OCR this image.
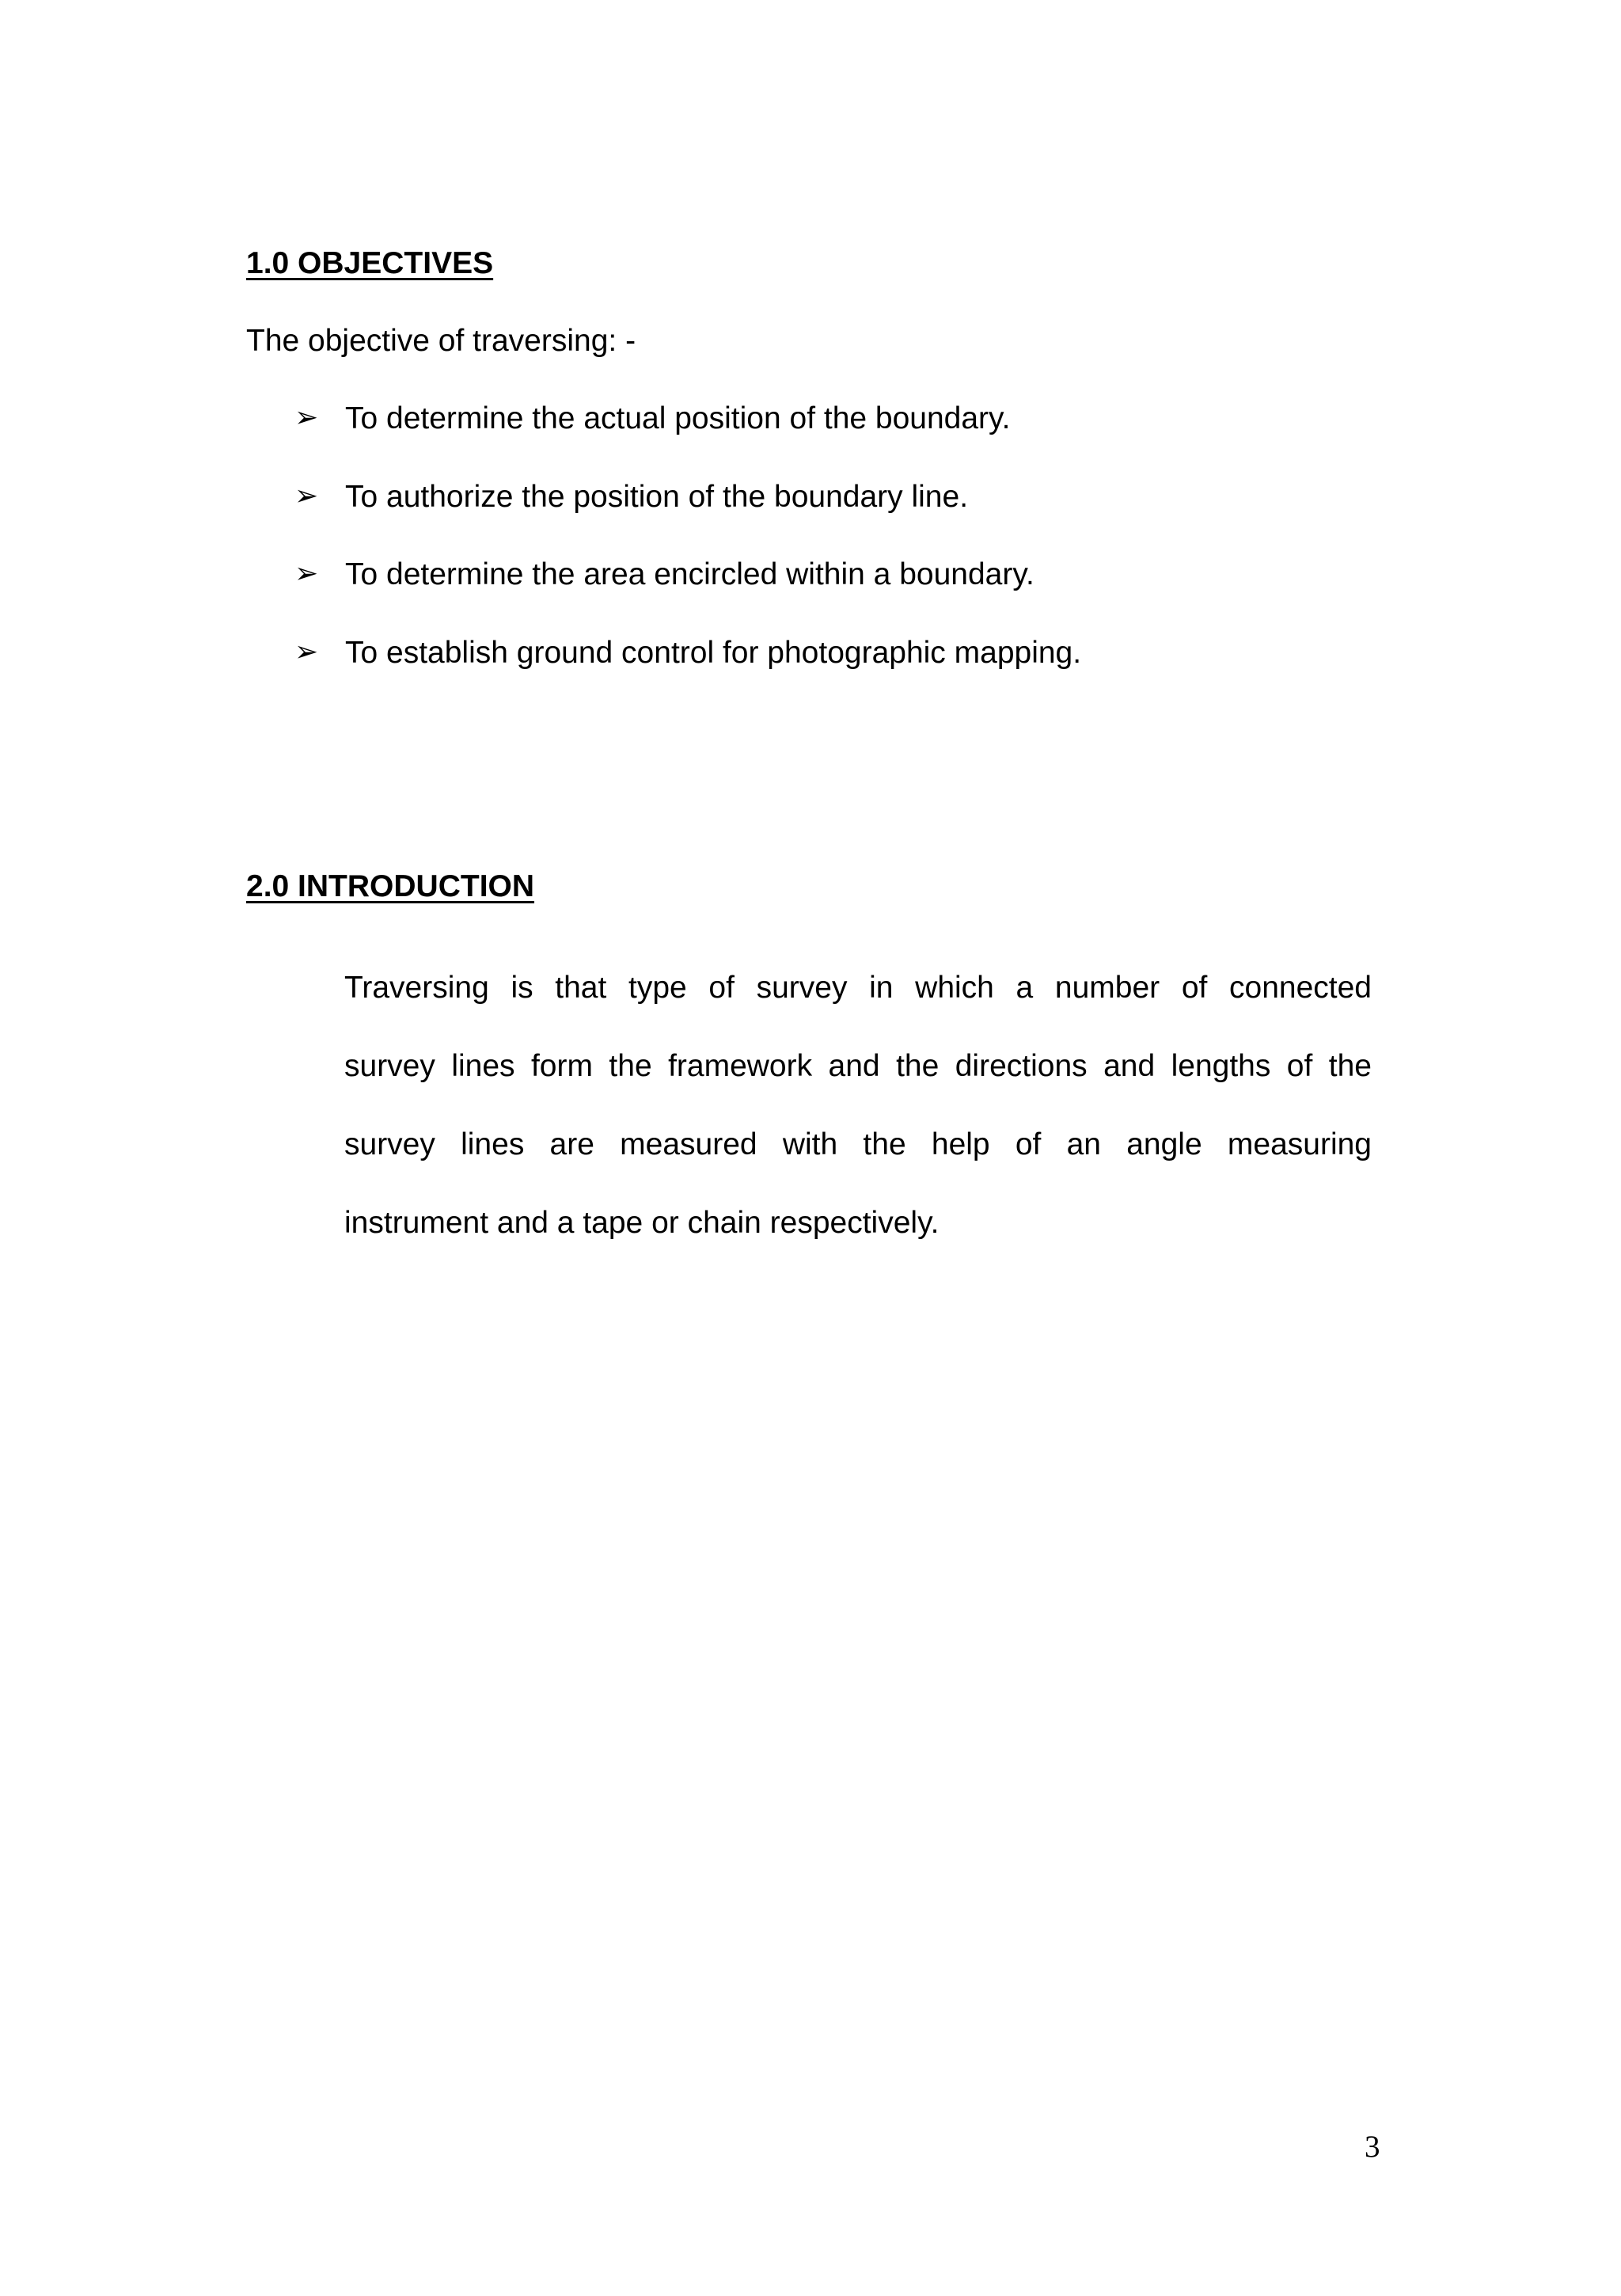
1.0 OBJECTIVES
The objective of traversing: -
➢ To determine the actual position of the boundary.
➢ To authorize the position of the boundary line.
➢ To determine the area encircled within a boundary.
➢ To establish ground control for photographic mapping.
2.0 INTRODUCTION
Traversing is that type of survey in which a number of connected
survey lines form the framework and the directions and lengths of the
survey lines are measured with the help of an angle measuring
instrument and a tape or chain respectively.
3
